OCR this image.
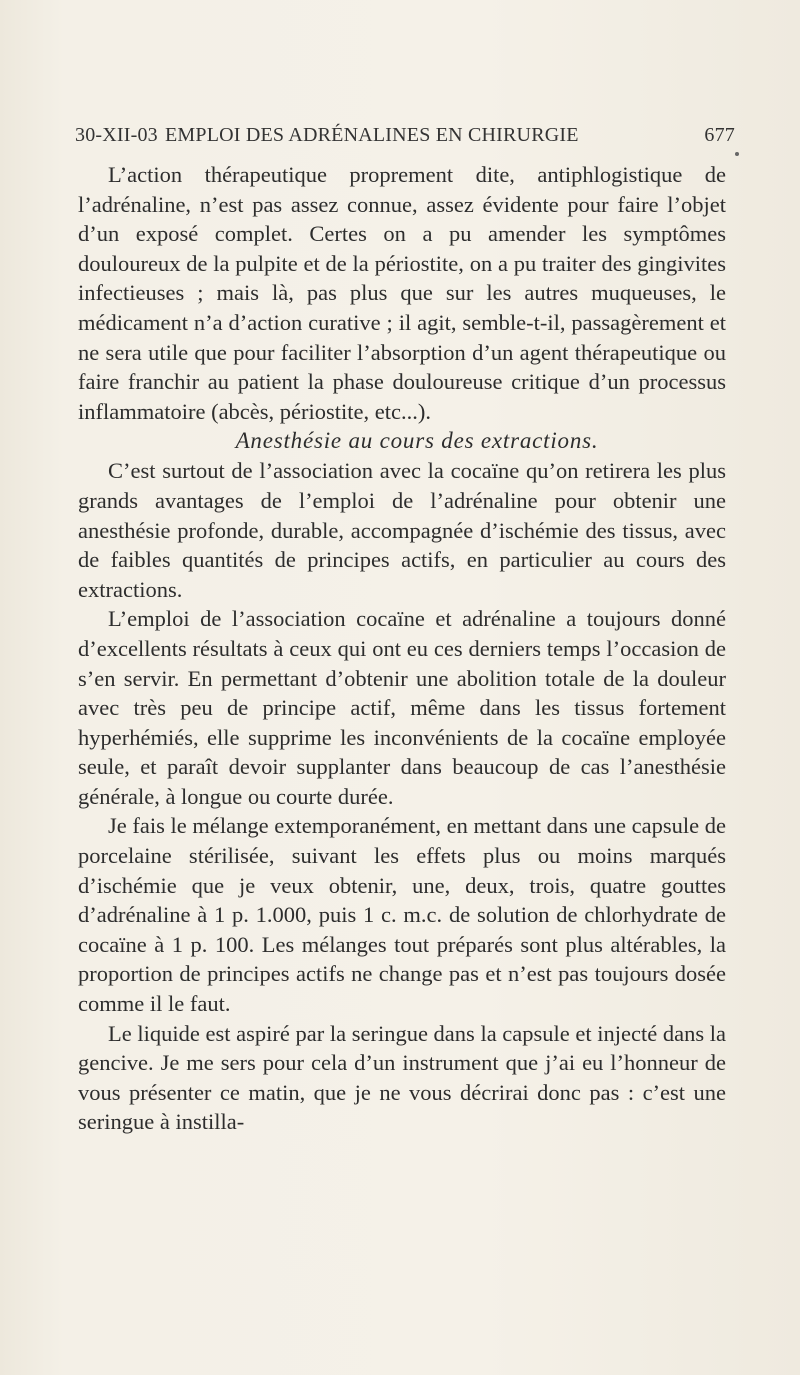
30-XII-03 EMPLOI DES ADRÉNALINES EN CHIRURGIE	677

L’action thérapeutique proprement dite, antiphlogistique de l’adrénaline, n’est pas assez connue, assez évidente pour faire l’objet d’un exposé complet. Certes on a pu amender les symptômes douloureux de la pulpite et de la périostite, on a pu traiter des gingivites infectieuses ; mais là, pas plus que sur les autres muqueuses, le médicament n’a d’action curative ; il agit, semble-t-il, passagèrement et ne sera utile que pour faciliter l’absorption d’un agent thérapeutique ou faire franchir au patient la phase douloureuse critique d’un processus inflammatoire (abcès, périostite, etc...).

Anesthésie au cours des extractions.

C’est surtout de l’association avec la cocaïne qu’on retirera les plus grands avantages de l’emploi de l’adrénaline pour obtenir une anesthésie profonde, durable, accompagnée d’ischémie des tissus, avec de faibles quantités de principes actifs, en particulier au cours des extractions.

L’emploi de l’association cocaïne et adrénaline a toujours donné d’excellents résultats à ceux qui ont eu ces derniers temps l’occasion de s’en servir. En permettant d’obtenir une abolition totale de la douleur avec très peu de principe actif, même dans les tissus fortement hyperhémiés, elle supprime les inconvénients de la cocaïne employée seule, et paraît devoir supplanter dans beaucoup de cas l’anesthésie générale, à longue ou courte durée.

Je fais le mélange extemporanément, en mettant dans une capsule de porcelaine stérilisée, suivant les effets plus ou moins marqués d’ischémie que je veux obtenir, une, deux, trois, quatre gouttes d’adrénaline à 1 p. 1.000, puis 1 c. m.c. de solution de chlorhydrate de cocaïne à 1 p. 100. Les mélanges tout préparés sont plus altérables, la proportion de principes actifs ne change pas et n’est pas toujours dosée comme il le faut.

Le liquide est aspiré par la seringue dans la capsule et injecté dans la gencive. Je me sers pour cela d’un instrument que j’ai eu l’honneur de vous présenter ce matin, que je ne vous décrirai donc pas : c’est une seringue à instilla-
